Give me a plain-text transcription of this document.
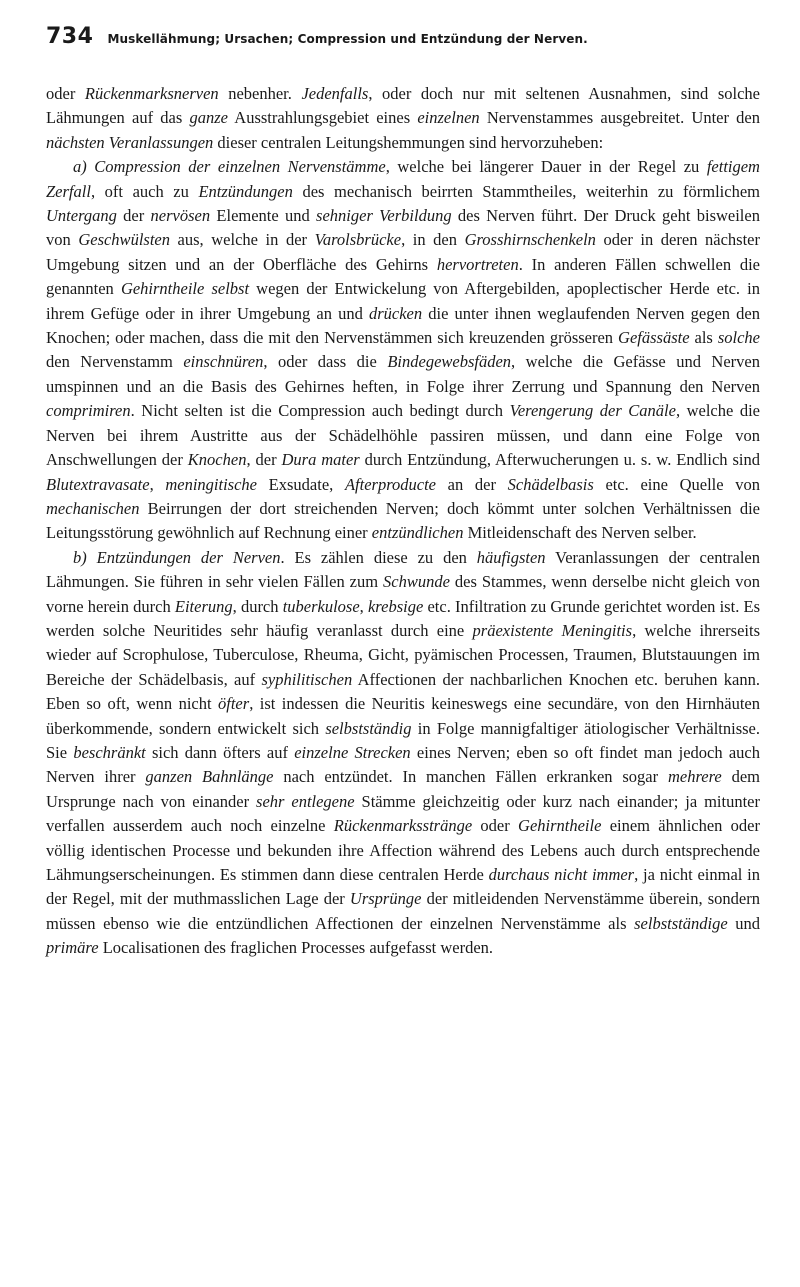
734 Muskellähmung; Ursachen; Compression und Entzündung der Nerven.

oder Rückenmarksnerven nebenher. Jedenfalls, oder doch nur mit seltenen Ausnahmen, sind solche Lähmungen auf das ganze Ausstrahlungsgebiet eines einzelnen Nervenstammes ausgebreitet. Unter den nächsten Veranlassungen dieser centralen Leitungshemmungen sind hervorzuheben:

a) Compression der einzelnen Nervenstämme, welche bei längerer Dauer in der Regel zu fettigem Zerfall, oft auch zu Entzündungen des mechanisch beirrten Stammtheiles, weiterhin zu förmlichem Untergang der nervösen Elemente und sehniger Verbildung des Nerven führt. Der Druck geht bisweilen von Geschwülsten aus, welche in der Varolsbrücke, in den Grosshirnschenkeln oder in deren nächster Umgebung sitzen und an der Oberfläche des Gehirns hervortreten. In anderen Fällen schwellen die genannten Gehirntheile selbst wegen der Entwickelung von Aftergebilden, apoplectischer Herde etc. in ihrem Gefüge oder in ihrer Umgebung an und drücken die unter ihnen weglaufenden Nerven gegen den Knochen; oder machen, dass die mit den Nervenstämmen sich kreuzenden grösseren Gefässäste als solche den Nervenstamm einschnüren, oder dass die Bindegewebsfäden, welche die Gefässe und Nerven umspinnen und an die Basis des Gehirnes heften, in Folge ihrer Zerrung und Spannung den Nerven comprimiren. Nicht selten ist die Compression auch bedingt durch Verengerung der Canäle, welche die Nerven bei ihrem Austritte aus der Schädelhöhle passiren müssen, und dann eine Folge von Anschwellungen der Knochen, der Dura mater durch Entzündung, Afterwucherungen u. s. w. Endlich sind Blutextravasate, meningitische Exsudate, Afterproducte an der Schädelbasis etc. eine Quelle von mechanischen Beirrungen der dort streichenden Nerven; doch kömmt unter solchen Verhältnissen die Leitungsstörung gewöhnlich auf Rechnung einer entzündlichen Mitleidenschaft des Nerven selber.

b) Entzündungen der Nerven. Es zählen diese zu den häufigsten Veranlassungen der centralen Lähmungen. Sie führen in sehr vielen Fällen zum Schwunde des Stammes, wenn derselbe nicht gleich von vorne herein durch Eiterung, durch tuberkulose, krebsige etc. Infiltration zu Grunde gerichtet worden ist. Es werden solche Neuritides sehr häufig veranlasst durch eine präexistente Meningitis, welche ihrerseits wieder auf Scrophulose, Tuberculose, Rheuma, Gicht, pyämischen Processen, Traumen, Blutstauungen im Bereiche der Schädelbasis, auf syphilitischen Affectionen der nachbarlichen Knochen etc. beruhen kann. Eben so oft, wenn nicht öfter, ist indessen die Neuritis keineswegs eine secundäre, von den Hirnhäuten überkommende, sondern entwickelt sich selbstständig in Folge mannigfaltiger ätiologischer Verhältnisse. Sie beschränkt sich dann öfters auf einzelne Strecken eines Nerven; eben so oft findet man jedoch auch Nerven ihrer ganzen Bahnlänge nach entzündet. In manchen Fällen erkranken sogar mehrere dem Ursprunge nach von einander sehr entlegene Stämme gleichzeitig oder kurz nach einander; ja mitunter verfallen ausserdem auch noch einzelne Rückenmarksstränge oder Gehirntheile einem ähnlichen oder völlig identischen Processe und bekunden ihre Affection während des Lebens auch durch entsprechende Lähmungserscheinungen. Es stimmen dann diese centralen Herde durchaus nicht immer, ja nicht einmal in der Regel, mit der muthmasslichen Lage der Ursprünge der mitleidenden Nervenstämme überein, sondern müssen ebenso wie die entzündlichen Affectionen der einzelnen Nervenstämme als selbstständige und primäre Localisationen des fraglichen Processes aufgefasst werden.
